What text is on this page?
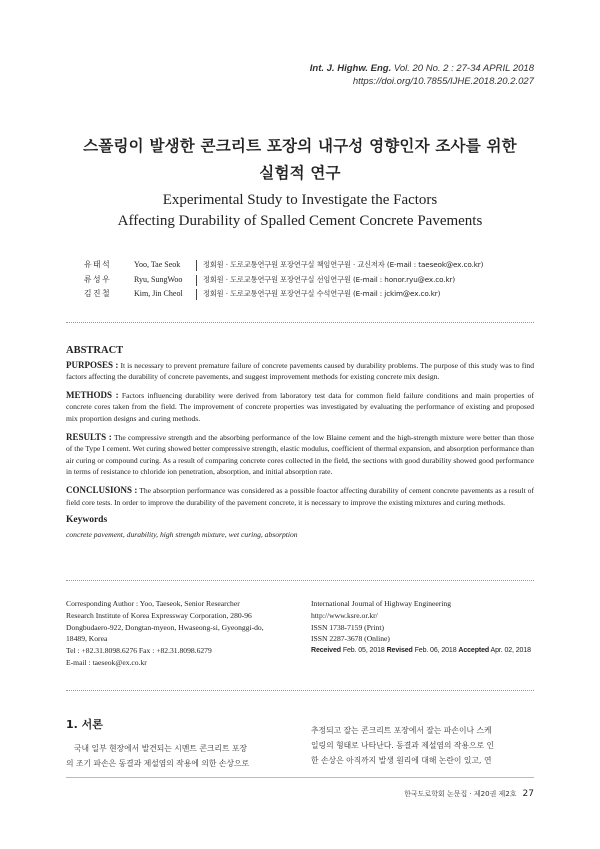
Int. J. Highw. Eng. Vol. 20 No. 2 : 27-34 APRIL 2018
https://doi.org/10.7855/IJHE.2018.20.2.027
스폴링이 발생한 콘크리트 포장의 내구성 영향인자 조사를 위한
실험적 연구
Experimental Study to Investigate the Factors
Affecting Durability of Spalled Cement Concrete Pavements
유태석	Yoo, Tae Seok	정회원 · 도로교통연구원 포장연구실 책임연구원 · 교신저자 (E-mail : taeseok@ex.co.kr)
류성우	Ryu, SungWoo	정회원 · 도로교통연구원 포장연구실 선임연구원 (E-mail : honor.ryu@ex.co.kr)
김진철	Kim, Jin Cheol	정회원 · 도로교통연구원 포장연구실 수석연구원 (E-mail : jckim@ex.co.kr)
ABSTRACT

PURPOSES : It is necessary to prevent premature failure of concrete pavements caused by durability problems. The purpose of this study was to find factors affecting the durability of concrete pavements, and suggest improvement methods for existing concrete mix design.

METHODS : Factors influencing durability were derived from laboratory test data for common field failure conditions and main properties of concrete cores taken from the field. The improvement of concrete properties was investigated by evaluating the performance of existing and proposed mix proportion designs and curing methods.

RESULTS : The compressive strength and the absorbing performance of the low Blaine cement and the high-strength mixture were better than those of the Type I cement. Wet curing showed better compressive strength, elastic modulus, coefficient of thermal expansion, and absorption performance than air curing or compound curing. As a result of comparing concrete cores collected in the field, the sections with good durability showed good performance in terms of resistance to chloride ion penetration, absorption, and initial absorption rate.

CONCLUSIONS : The absorption performance was considered as a possible foactor affecting durability of cement concrete pavements as a result of field core tests. In order to improve the durability of the pavement concrete, it is necessary to improve the existing mixtures and curing methods.

Keywords

concrete pavement, durability, high strength mixture, wet curing, absorption

Corresponding Author : Yoo, Taeseok, Senior Researcher
Research Institute of Korea Expressway Corporation, 280-96
Dongbudaero-922, Dongtan-myeon, Hwaseong-si, Gyeonggi-do,
18489, Korea
Tel : +82.31.8098.6276 Fax : +82.31.8098.6279
E-mail : taeseok@ex.co.kr
International Journal of Highway Engineering
http://www.ksre.or.kr/
ISSN 1738-7159 (Print)
ISSN 2287-3678 (Online)
Received Feb. 05, 2018 Revised Feb. 06, 2018 Accepted Apr. 02, 2018
1. 서론
국내 일부 현장에서 발견되는 시멘트 콘크리트 포장
의 조기 파손은 동결과 제설염의 작용에 의한 손상으로
추정되고 잘는 콘크리트 포장에서 잘는 파손이나 스케
일링의 형태로 나타난다. 동결과 제설염의 작용으로 인
한 손상은 아직까지 발생 원리에 대해 논란이 있고, 연
한국도로학회 논문집 · 제20권 제2호 27
